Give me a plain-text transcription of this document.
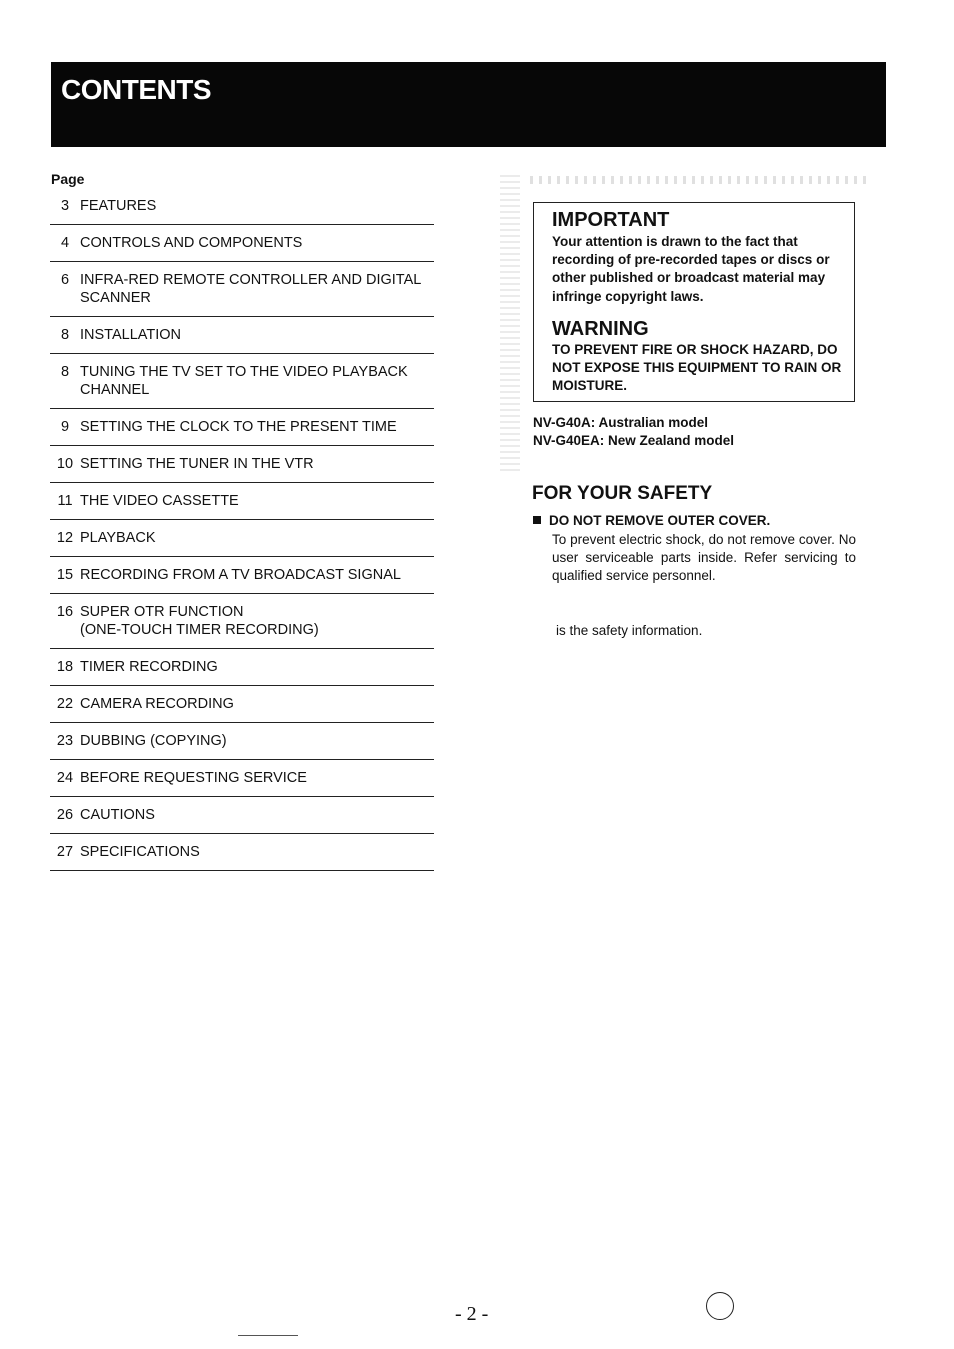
CONTENTS
Page
3 FEATURES
4 CONTROLS AND COMPONENTS
6 INFRA-RED REMOTE CONTROLLER AND DIGITAL
SCANNER
8 INSTALLATION
8 TUNING THE TV SET TO THE VIDEO PLAYBACK
CHANNEL
9 SETTING THE CLOCK TO THE PRESENT TIME
10 SETTING THE TUNER IN THE VTR
11 THE VIDEO CASSETTE
12 PLAYBACK
15 RECORDING FROM A TV BROADCAST SIGNAL
16 SUPER OTR FUNCTION
(ONE-TOUCH TIMER RECORDING)
18 TIMER RECORDING
22 CAMERA RECORDING
23 DUBBING (COPYING)
24 BEFORE REQUESTING SERVICE
26 CAUTIONS
27 SPECIFICATIONS
IMPORTANT
Your attention is drawn to the fact that recording of pre-recorded tapes or discs or other published or broadcast material may infringe copyright laws.
WARNING
TO PREVENT FIRE OR SHOCK HAZARD, DO NOT EXPOSE THIS EQUIPMENT TO RAIN OR MOISTURE.
NV-G40A: Australian model
NV-G40EA: New Zealand model
FOR YOUR SAFETY
DO NOT REMOVE OUTER COVER.
To prevent electric shock, do not remove cover. No user serviceable parts inside. Refer servicing to qualified service personnel.
is the safety information.
- 2 -
